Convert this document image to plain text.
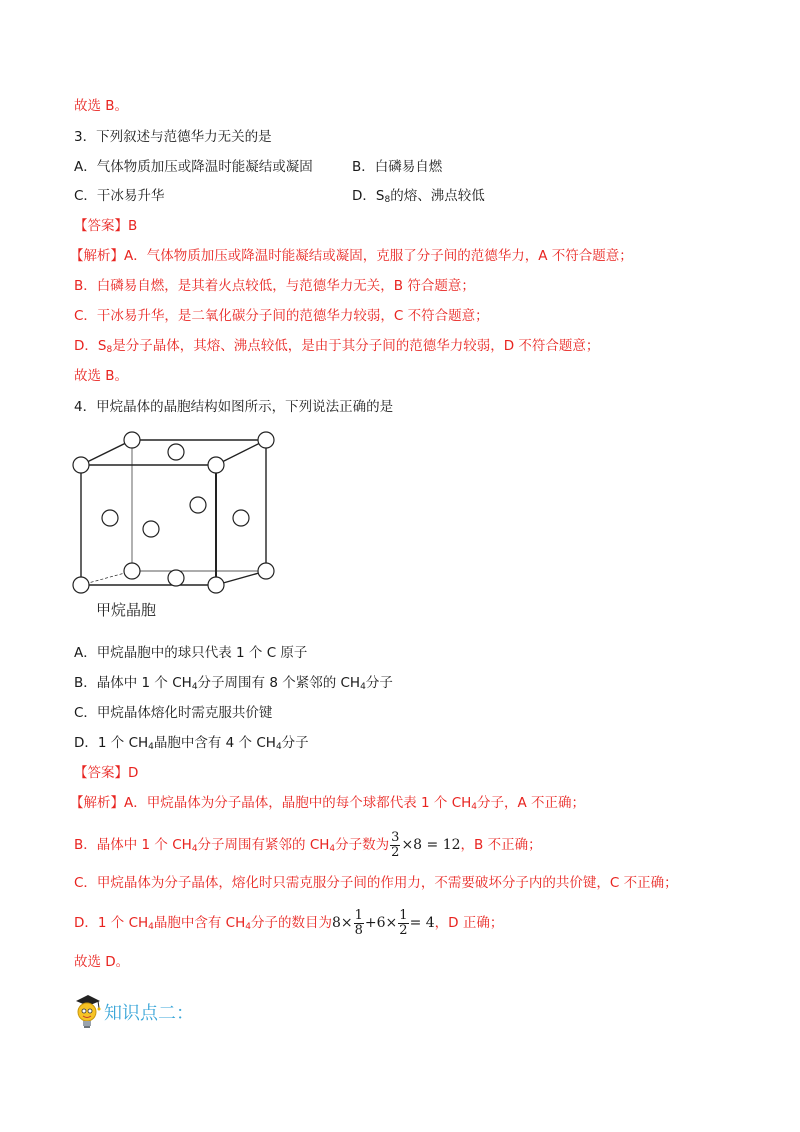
故选 B。
3．下列叙述与范德华力无关的是
A．气体物质加压或降温时能凝结或凝固	B．白磷易自燃
C．干冰易升华	D．$S_8$的熔、沸点较低
【答案】B
【解析】A．气体物质加压或降温时能凝结或凝固，克服了分子间的范德华力，A 不符合题意；
B．白磷易自燃，是其着火点较低，与范德华力无关，B 符合题意；
C．干冰易升华，是二氧化碳分子间的范德华力较弱，C 不符合题意；
D．$S_8$是分子晶体，其熔、沸点较低，是由于其分子间的范德华力较弱，D 不符合题意；
故选 B。
4．甲烷晶体的晶胞结构如图所示，下列说法正确的是
甲烷晶胞
A．甲烷晶胞中的球只代表 1 个 C 原子
B．晶体中 1 个 $CH_4$分子周围有 8 个紧邻的 $CH_4$分子
C．甲烷晶体熔化时需克服共价键
D．1 个 $CH_4$晶胞中含有 4 个 $CH_4$分子
【答案】D
【解析】A．甲烷晶体为分子晶体，晶胞中的每个球都代表 1 个 $CH_4$分子，A 不正确；
B．晶体中 1 个 $CH_4$分子周围有紧邻的 $CH_4$分子数为 $\frac{3}{2} \times 8 = 12$，B 不正确；
C．甲烷晶体为分子晶体，熔化时只需克服分子间的作用力，不需要破坏分子内的共价键，C 不正确；
D．1 个 $CH_4$晶胞中含有 $CH_4$分子的数目为$8\times \frac{1}{8} +6\times \frac{1}{2} = 4$，D 正确；
故选 D。
知识点二：
